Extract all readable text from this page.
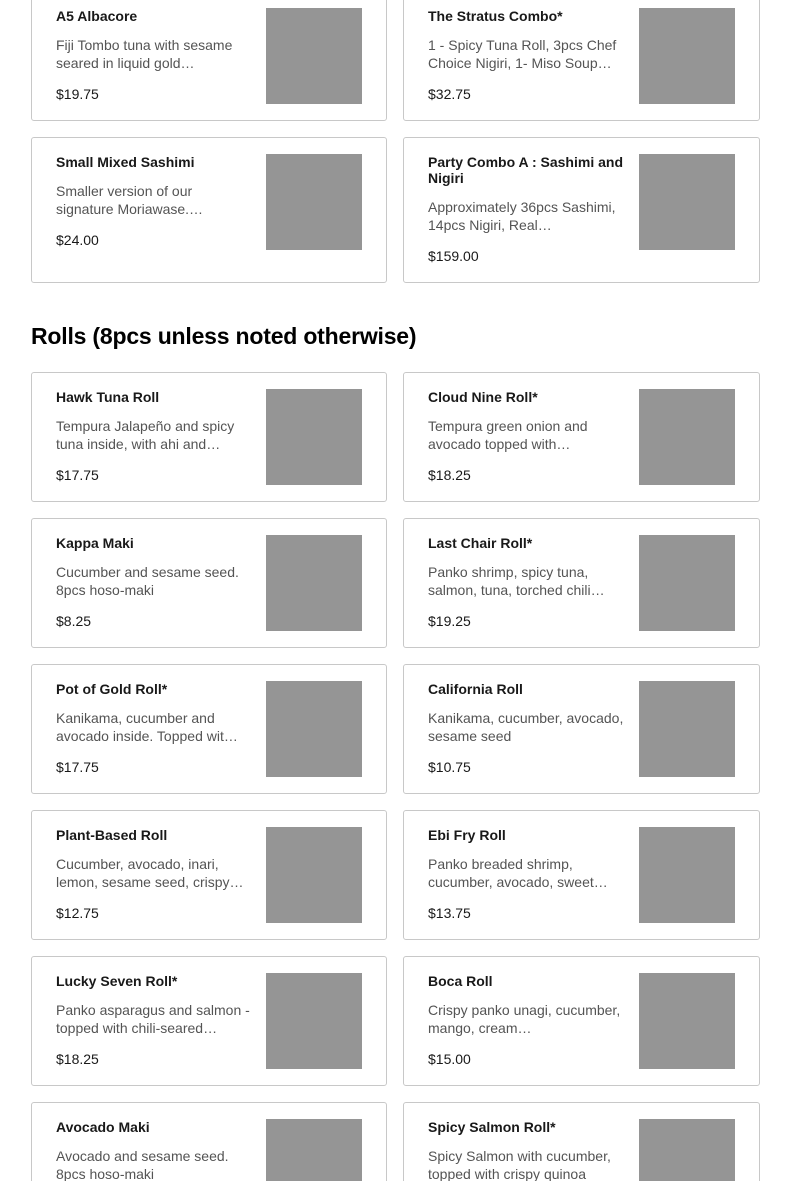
A5 Albacore
Fiji Tombo tuna with sesame seared in liquid gold…
$19.75
The Stratus Combo*
1 - Spicy Tuna Roll, 3pcs Chef Choice Nigiri, 1- Miso Soup…
$32.75
Small Mixed Sashimi
Smaller version of our signature Moriawase.…
$24.00
Party Combo A : Sashimi and Nigiri
Approximately 36pcs Sashimi, 14pcs Nigiri, Real…
$159.00
Rolls (8pcs unless noted otherwise)
Hawk Tuna Roll
Tempura Jalapeño and spicy tuna inside, with ahi and…
$17.75
Cloud Nine Roll*
Tempura green onion and avocado topped with…
$18.25
Kappa Maki
Cucumber and sesame seed. 8pcs hoso-maki
$8.25
Last Chair Roll*
Panko shrimp, spicy tuna, salmon, tuna, torched chili…
$19.25
Pot of Gold Roll*
Kanikama, cucumber and avocado inside. Topped wit…
$17.75
California Roll
Kanikama, cucumber, avocado, sesame seed
$10.75
Plant-Based Roll
Cucumber, avocado, inari, lemon, sesame seed, crispy…
$12.75
Ebi Fry Roll
Panko breaded shrimp, cucumber, avocado, sweet…
$13.75
Lucky Seven Roll*
Panko asparagus and salmon - topped with chili-seared…
$18.25
Boca Roll
Crispy panko unagi, cucumber, mango, cream…
$15.00
Avocado Maki
Avocado and sesame seed. 8pcs hoso-maki
Spicy Salmon Roll*
Spicy Salmon with cucumber, topped with crispy quinoa
